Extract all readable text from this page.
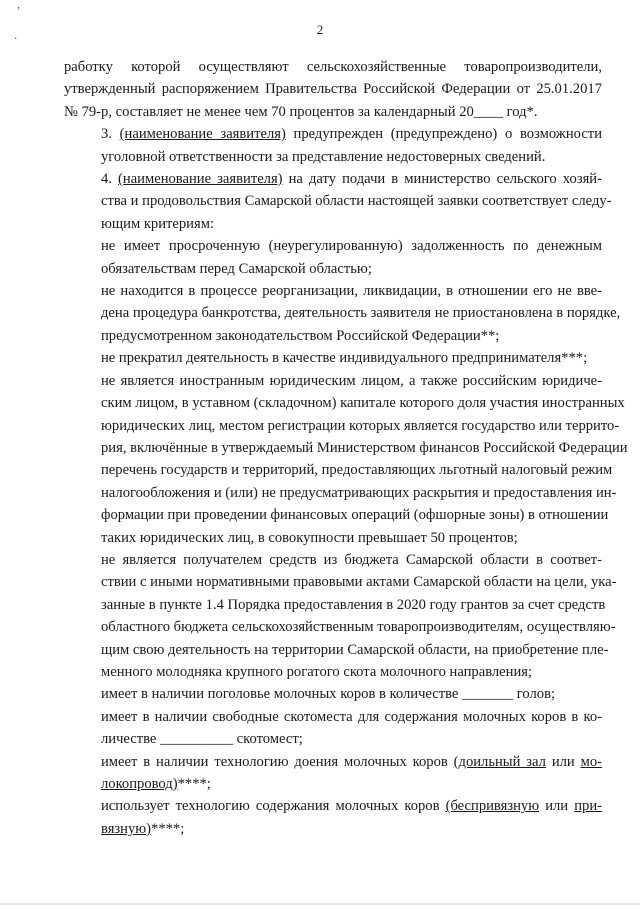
‛
·
2
работку которой осуществляют сельскохозяйственные товаропроизводители,
утвержденный распоряжением Правительства Российской Федерации от 25.01.2017
№ 79-р, составляет не менее чем 70 процентов за календарный 20____ год*.
3. (наименование заявителя) предупрежден (предупреждено) о возможности
уголовной ответственности за представление недостоверных сведений.
4. (наименование заявителя) на дату подачи в министерство сельского хозяй-
ства и продовольствия Самарской области настоящей заявки соответствует следу-
ющим критериям:
не имеет просроченную (неурегулированную) задолженность по денежным
обязательствам перед Самарской областью;
не находится в процессе реорганизации, ликвидации, в отношении его не вве-
дена процедура банкротства, деятельность заявителя не приостановлена в порядке,
предусмотренном законодательством Российской Федерации**;
не прекратил деятельность в качестве индивидуального предпринимателя***;
не является иностранным юридическим лицом, а также российским юридиче-
ским лицом, в уставном (складочном) капитале которого доля участия иностранных
юридических лиц, местом регистрации которых является государство или террито-
рия, включённые в утверждаемый Министерством финансов Российской Федерации
перечень государств и территорий, предоставляющих льготный налоговый режим
налогообложения и (или) не предусматривающих раскрытия и предоставления ин-
формации при проведении финансовых операций (офшорные зоны) в отношении
таких юридических лиц, в совокупности превышает 50 процентов;
не является получателем средств из бюджета Самарской области в соответ-
ствии с иными нормативными правовыми актами Самарской области на цели, ука-
занные в пункте 1.4 Порядка предоставления в 2020 году грантов за счет средств
областного бюджета сельскохозяйственным товаропроизводителям, осуществляю-
щим свою деятельность на территории Самарской области, на приобретение пле-
менного молодняка крупного рогатого скота молочного направления;
имеет в наличии поголовье молочных коров в количестве _______ голов;
имеет в наличии свободные скотоместа для содержания молочных коров в ко-
личестве __________ скотомест;
имеет в наличии технологию доения молочных коров (доильный зал или мо-
локопровод)****;
использует технологию содержания молочных коров (беспривязную или при-
вязную)****;
